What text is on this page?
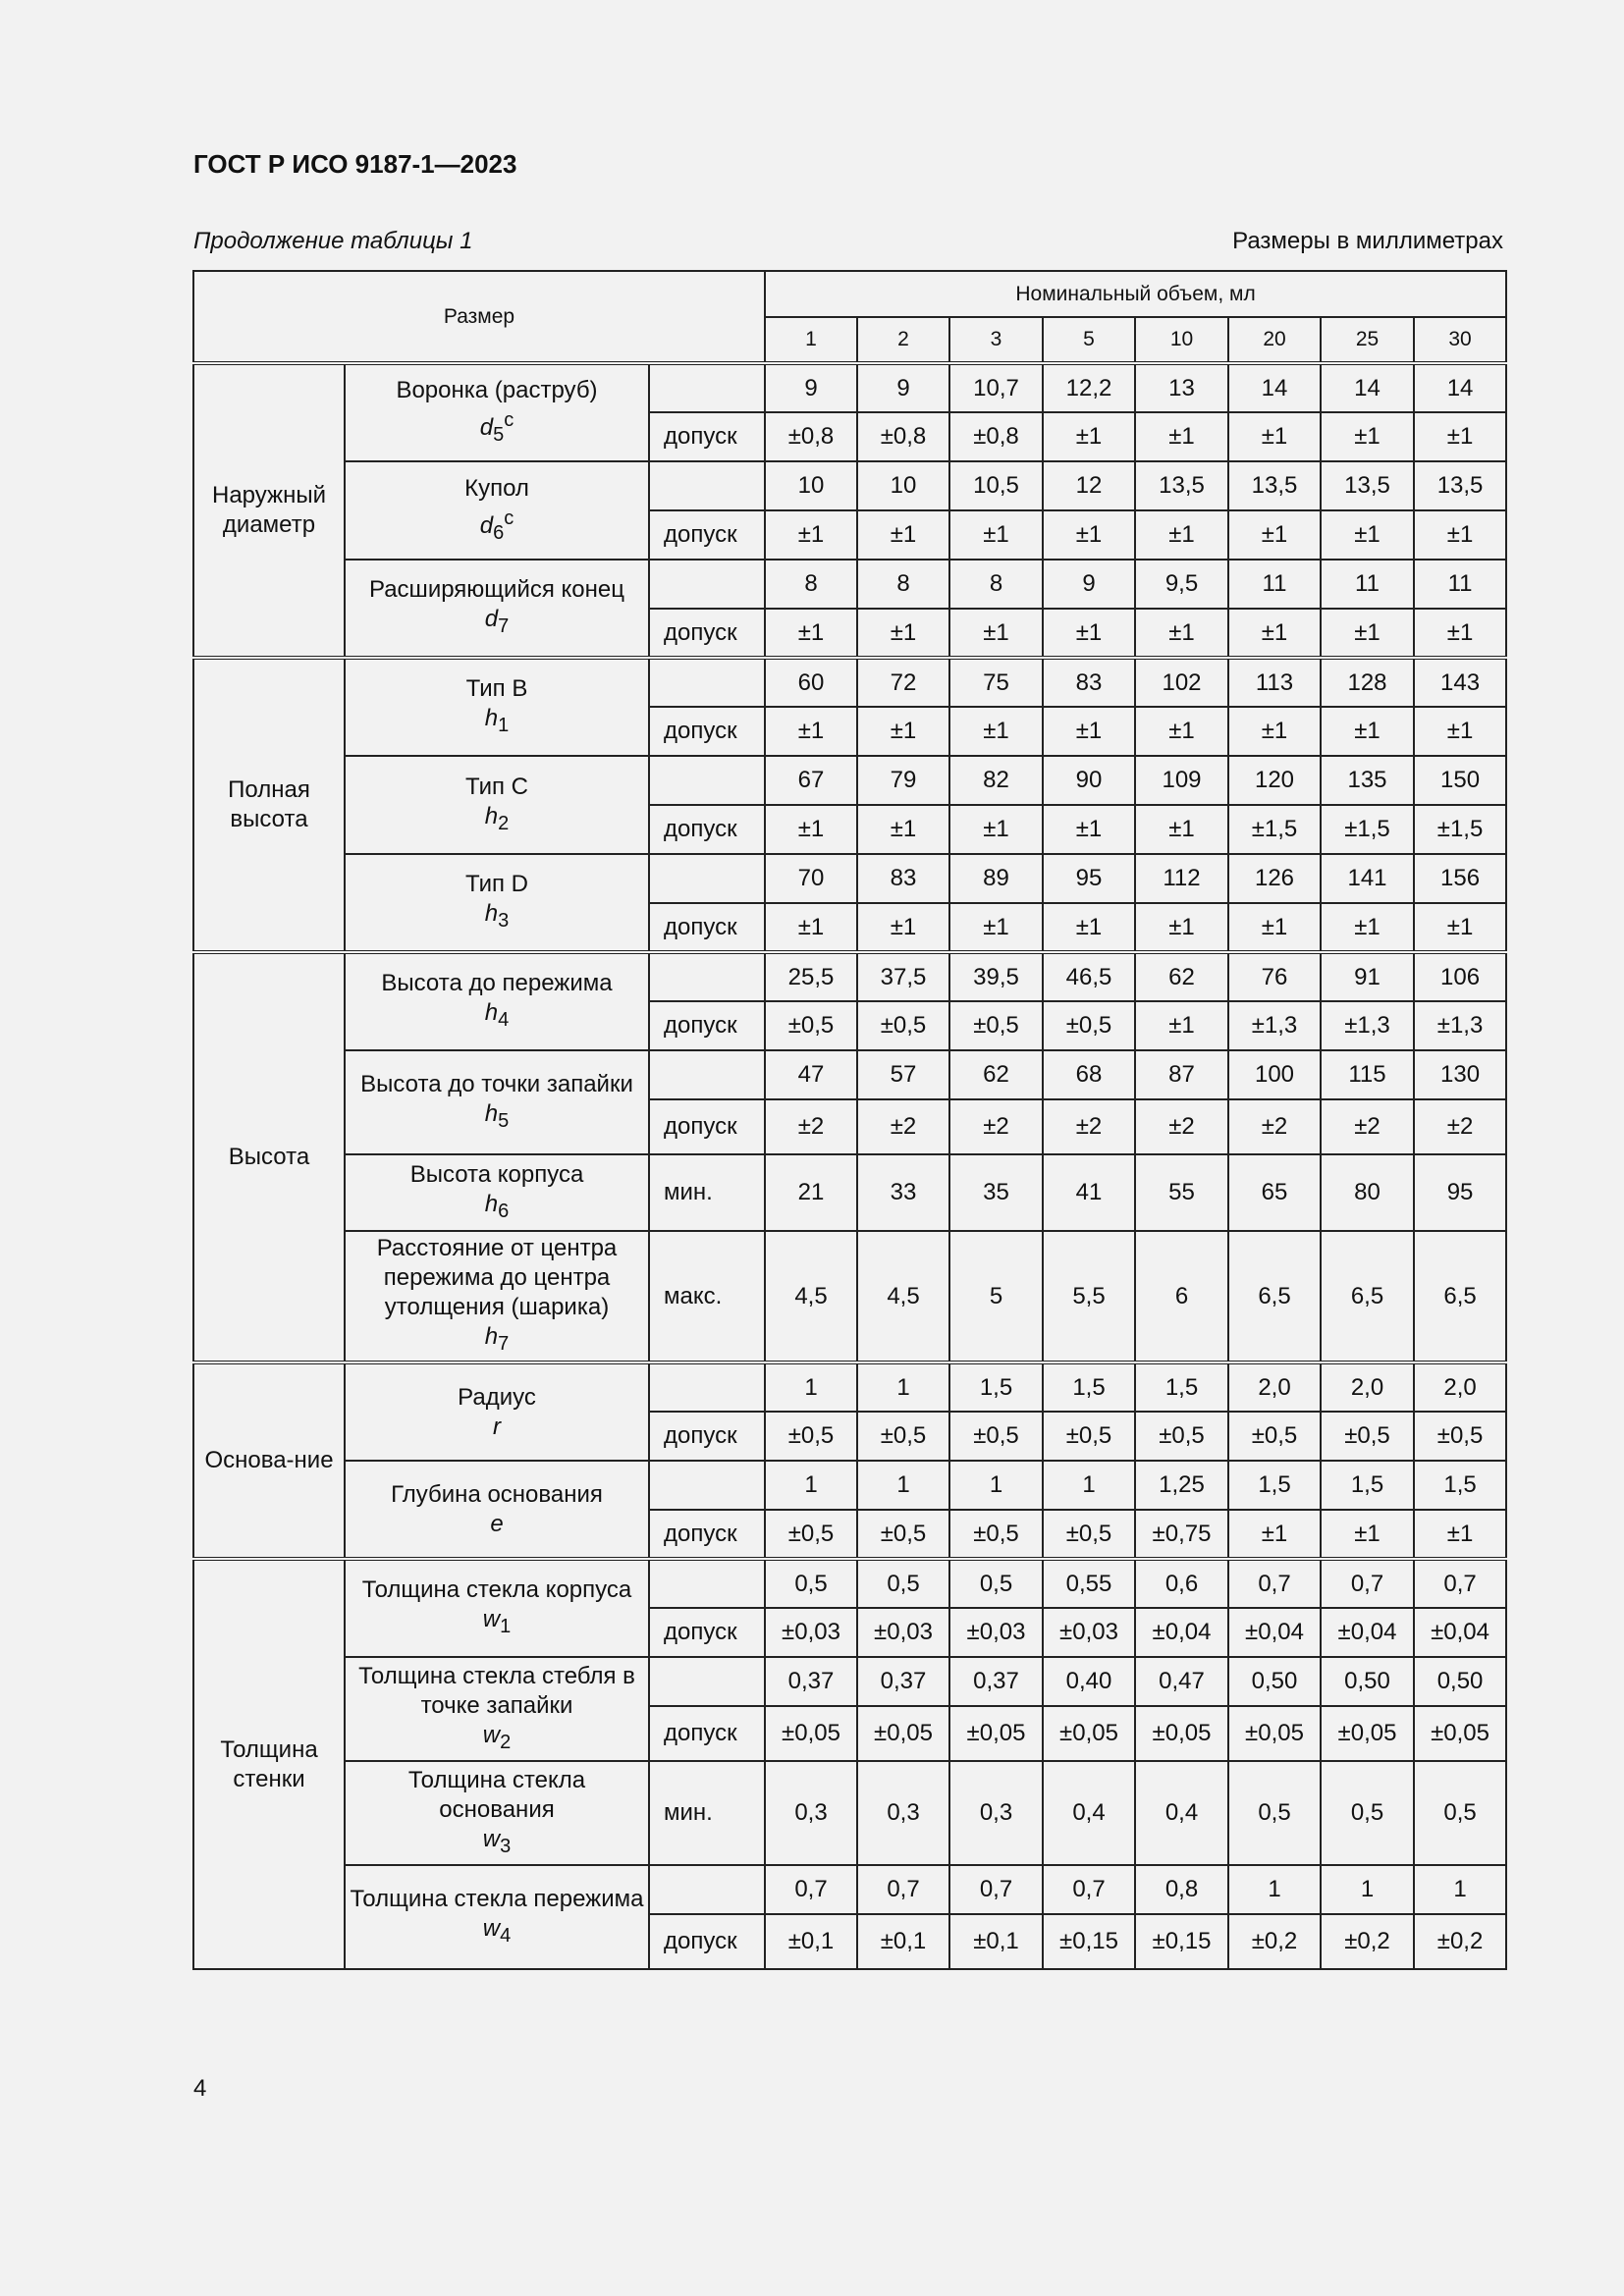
ГОСТ Р ИСО 9187-1—2023
Продолжение таблицы 1	Размеры в миллиметрах
Размер			Номинальный объем, мл							
			1	2	3	5	10	20	25	30
Наружный диаметр	Воронка (раструб)
$d_5^c$		9	9	10,7	12,2	13	14	14	14
		допуск	±0,8	±0,8	±0,8	±1	±1	±1	±1	±1

	Купол
$d_6^c$		10	10	10,5	12	13,5	13,5	13,5	13,5
		допуск	±1	±1	±1	±1	±1	±1	±1	±1

	Расширяющийся конец
$d_7$		8	8	8	9	9,5	11	11	11
		допуск	±1	±1	±1	±1	±1	±1	±1	±1
Полная высота	Тип В
$h_1$		60	72	75	83	102	113	128	143
		допуск	±1	±1	±1	±1	±1	±1	±1	±1

	Тип С
$h_2$		67	79	82	90	109	120	135	150
		допуск	±1	±1	±1	±1	±1	±1,5	±1,5	±1,5

	Тип D
$h_3$		70	83	89	95	112	126	141	156
		допуск	±1	±1	±1	±1	±1	±1	±1	±1
Высота	Высота до пережима
$h_4$		25,5	37,5	39,5	46,5	62	76	91	106
		допуск	±0,5	±0,5	±0,5	±0,5	±1	±1,3	±1,3	±1,3

	Высота до точки запайки
$h_5$		47	57	62	68	87	100	115	130
		допуск	±2	±2	±2	±2	±2	±2	±2	±2

	Высота корпуса
$h_6$	мин.	21	33	35	41	55	65	80	95

	Расстояние от центра пережима до центра утолщения (шарика)
$h_7$	макс.	4,5	4,5	5	5,5	6	6,5	6,5	6,5
Основа-ние	Радиус
r		1	1	1,5	1,5	1,5	2,0	2,0	2,0
		допуск	±0,5	±0,5	±0,5	±0,5	±0,5	±0,5	±0,5	±0,5

	Глубина основания
e		1	1	1	1	1,25	1,5	1,5	1,5
		допуск	±0,5	±0,5	±0,5	±0,5	±0,75	±1	±1	±1
Толщина стенки	Толщина стекла корпуса
$w_1$		0,5	0,5	0,5	0,55	0,6	0,7	0,7	0,7
		допуск	±0,03	±0,03	±0,03	±0,03	±0,04	±0,04	±0,04	±0,04

	Толщина стекла стебля в точке запайки
$w_2$		0,37	0,37	0,37	0,40	0,47	0,50	0,50	0,50
		допуск	±0,05	±0,05	±0,05	±0,05	±0,05	±0,05	±0,05	±0,05

	Толщина стекла основания
$w_3$	мин.	0,3	0,3	0,3	0,4	0,4	0,5	0,5	0,5

	Толщина стекла пережима
$w_4$		0,7	0,7	0,7	0,7	0,8	1	1	1
		допуск	±0,1	±0,1	±0,1	±0,15	±0,15	±0,2	±0,2	±0,2
4
